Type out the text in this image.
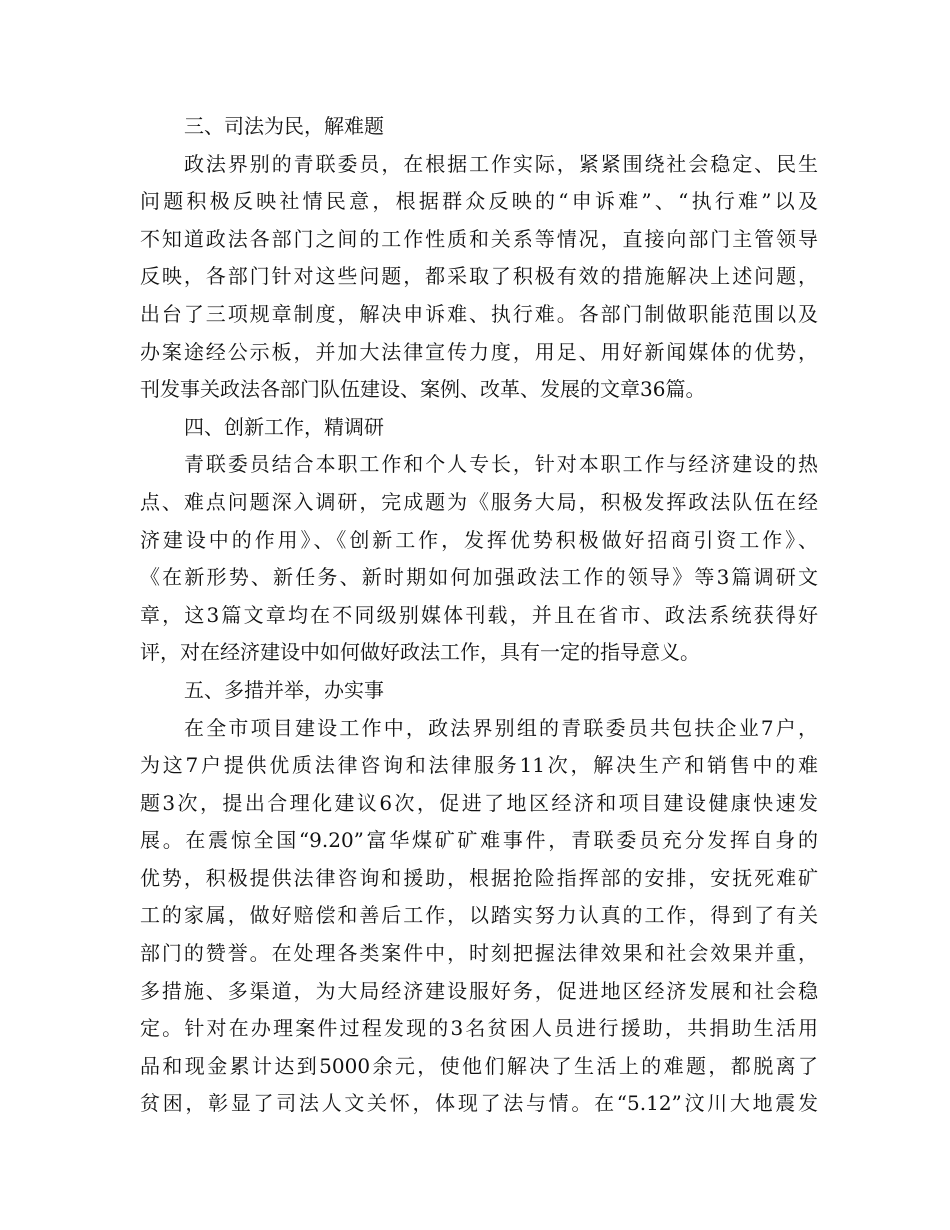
三、司法为民，解难题
政法界别的青联委员，在根据工作实际，紧紧围绕社会稳定、民生
问题积极反映社情民意，根据群众反映的“申诉难”、“执行难”以及
不知道政法各部门之间的工作性质和关系等情况，直接向部门主管领导
反映，各部门针对这些问题，都采取了积极有效的措施解决上述问题，
出台了三项规章制度，解决申诉难、执行难。各部门制做职能范围以及
办案途经公示板，并加大法律宣传力度，用足、用好新闻媒体的优势，
刊发事关政法各部门队伍建设、案例、改革、发展的文章36篇。
四、创新工作，精调研
青联委员结合本职工作和个人专长，针对本职工作与经济建设的热
点、难点问题深入调研，完成题为《服务大局，积极发挥政法队伍在经
济建设中的作用》、《创新工作，发挥优势积极做好招商引资工作》、
《在新形势、新任务、新时期如何加强政法工作的领导》等3篇调研文
章，这3篇文章均在不同级别媒体刊载，并且在省市、政法系统获得好
评，对在经济建设中如何做好政法工作，具有一定的指导意义。
五、多措并举，办实事
在全市项目建设工作中，政法界别组的青联委员共包扶企业7户，
为这7户提供优质法律咨询和法律服务11次，解决生产和销售中的难
题3次，提出合理化建议6次，促进了地区经济和项目建设健康快速发
展。在震惊全国“9.20”富华煤矿矿难事件，青联委员充分发挥自身的
优势，积极提供法律咨询和援助，根据抢险指挥部的安排，安抚死难矿
工的家属，做好赔偿和善后工作，以踏实努力认真的工作，得到了有关
部门的赞誉。在处理各类案件中，时刻把握法律效果和社会效果并重，
多措施、多渠道，为大局经济建设服好务，促进地区经济发展和社会稳
定。针对在办理案件过程发现的3名贫困人员进行援助，共捐助生活用
品和现金累计达到5000余元，使他们解决了生活上的难题，都脱离了
贫困，彰显了司法人文关怀，体现了法与情。在“5.12”汶川大地震发
